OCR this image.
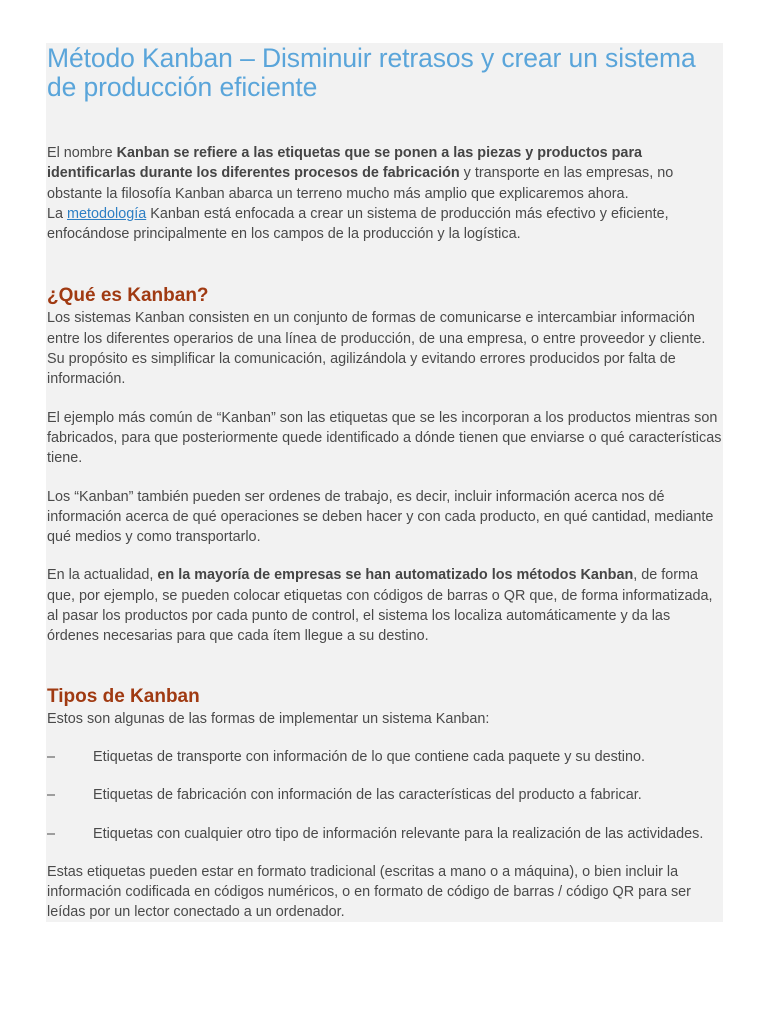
Método Kanban – Disminuir retrasos y crear un sistema de producción eficiente

El nombre Kanban se refiere a las etiquetas que se ponen a las piezas y productos para identificarlas durante los diferentes procesos de fabricación y transporte en las empresas, no obstante la filosofía Kanban abarca un terreno mucho más amplio que explicaremos ahora.
La metodología Kanban está enfocada a crear un sistema de producción más efectivo y eficiente, enfocándose principalmente en los campos de la producción y la logística.

¿Qué es Kanban?

Los sistemas Kanban consisten en un conjunto de formas de comunicarse e intercambiar información entre los diferentes operarios de una línea de producción, de una empresa, o entre proveedor y cliente. Su propósito es simplificar la comunicación, agilizándola y evitando errores producidos por falta de información.

El ejemplo más común de “Kanban” son las etiquetas que se les incorporan a los productos mientras son fabricados, para que posteriormente quede identificado a dónde tienen que enviarse o qué características tiene.

Los “Kanban” también pueden ser ordenes de trabajo, es decir, incluir información acerca nos dé información acerca de qué operaciones se deben hacer y con cada producto, en qué cantidad, mediante qué medios y como transportarlo.

En la actualidad, en la mayoría de empresas se han automatizado los métodos Kanban, de forma que, por ejemplo, se pueden colocar etiquetas con códigos de barras o QR que, de forma informatizada, al pasar los productos por cada punto de control, el sistema los localiza automáticamente y da las órdenes necesarias para que cada ítem llegue a su destino.

Tipos de Kanban

Estos son algunas de las formas de implementar un sistema Kanban:

–	Etiquetas de transporte con información de lo que contiene cada paquete y su destino.
–	Etiquetas de fabricación con información de las características del producto a fabricar.
–	Etiquetas con cualquier otro tipo de información relevante para la realización de las actividades.

Estas etiquetas pueden estar en formato tradicional (escritas a mano o a máquina), o bien incluir la información codificada en códigos numéricos, o en formato de código de barras / código QR para ser leídas por un lector conectado a un ordenador.
